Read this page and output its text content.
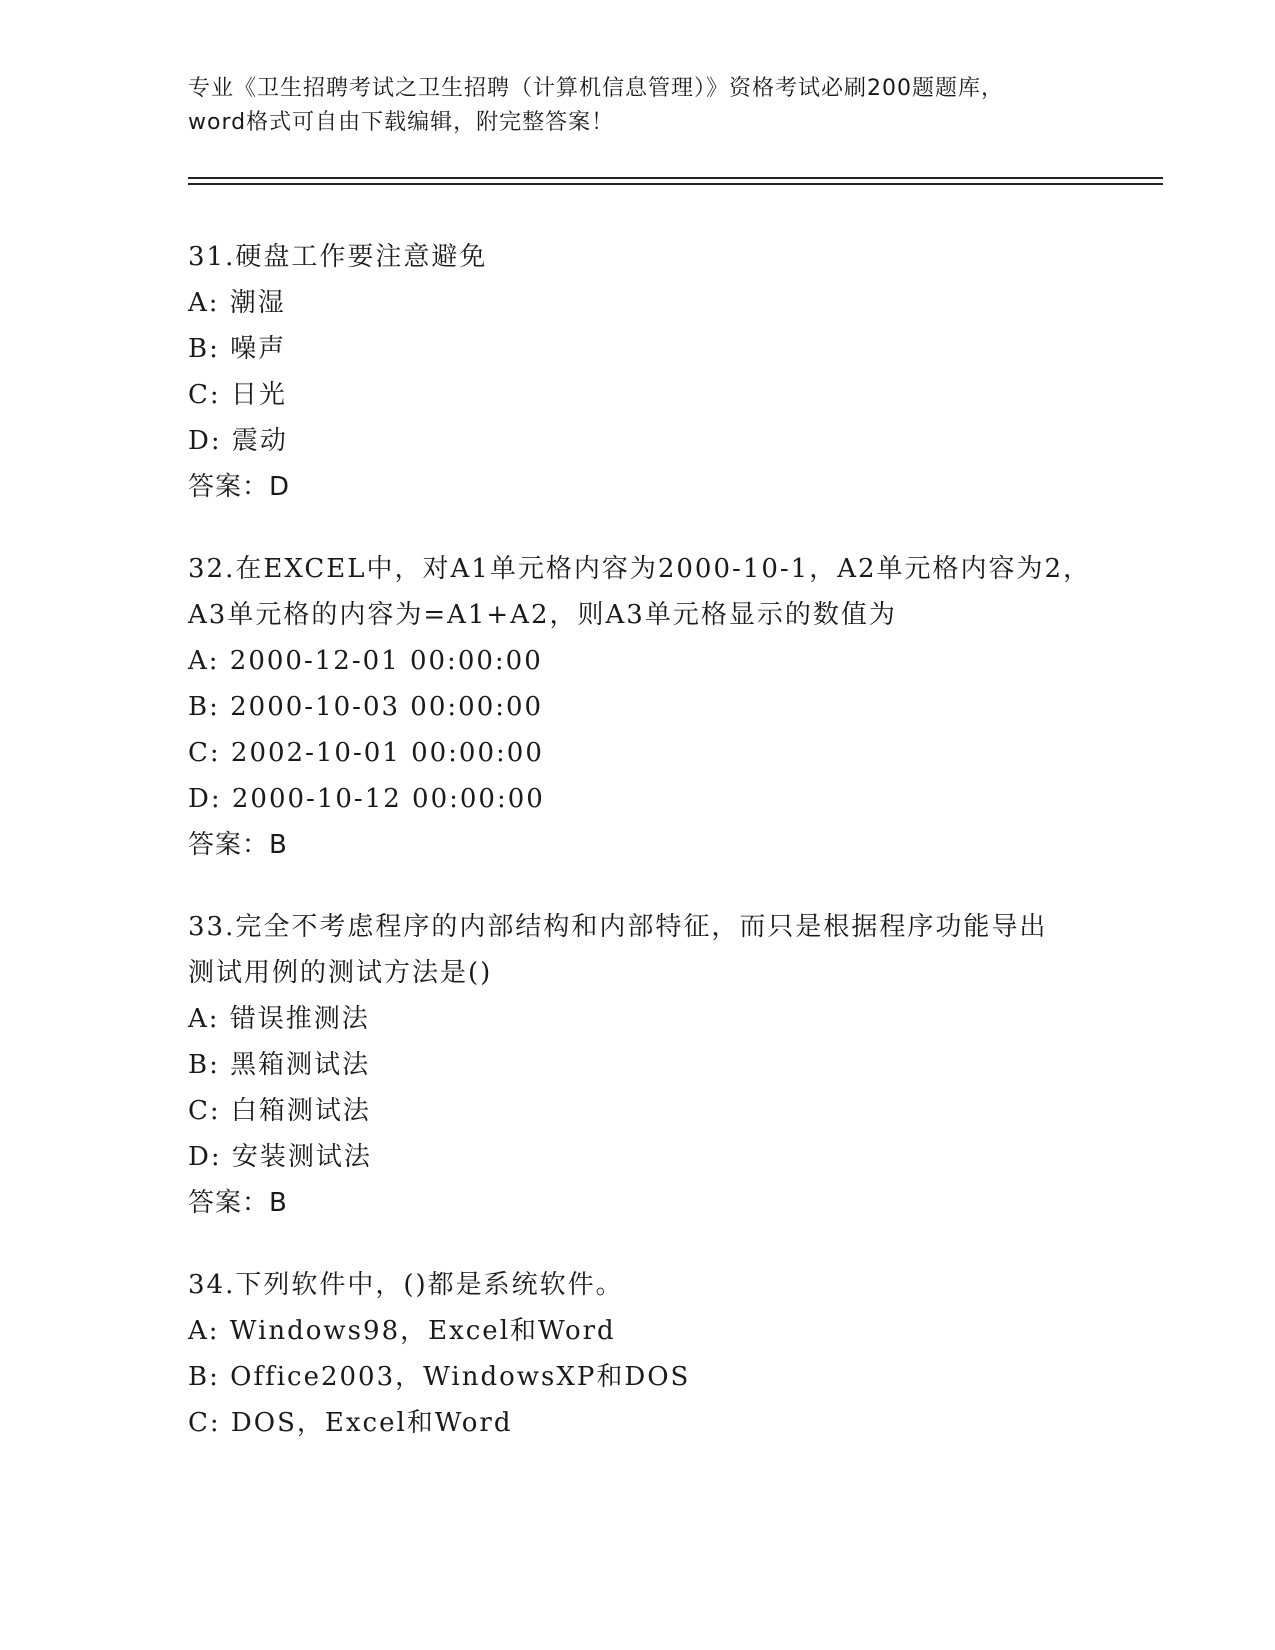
专业《卫生招聘考试之卫生招聘（计算机信息管理）》资格考试必刷200题题库，
word格式可自由下载编辑，附完整答案！
31.硬盘工作要注意避免
A: 潮湿
B: 噪声
C: 日光
D: 震动
答案：D
32.在EXCEL中，对A1单元格内容为2000-10-1，A2单元格内容为2，
A3单元格的内容为=A1+A2，则A3单元格显示的数值为
A: 2000-12-01 00:00:00
B: 2000-10-03 00:00:00
C: 2002-10-01 00:00:00
D: 2000-10-12 00:00:00
答案：B
33.完全不考虑程序的内部结构和内部特征，而只是根据程序功能导出
测试用例的测试方法是()
A: 错误推测法
B: 黑箱测试法
C: 白箱测试法
D: 安装测试法
答案：B
34.下列软件中，()都是系统软件。
A: Windows98，Excel和Word
B: Office2003，WindowsXP和DOS
C: DOS，Excel和Word
